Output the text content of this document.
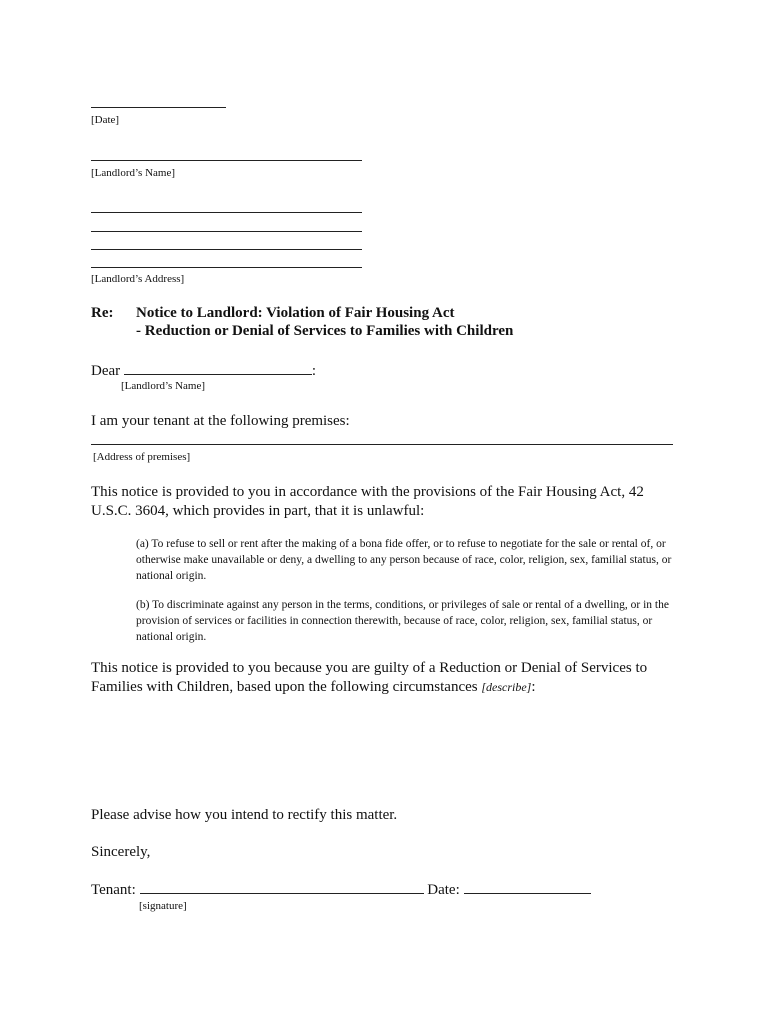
[Date]
[Landlord’s Name]
[Landlord’s Address]
Re: Notice to Landlord: Violation of Fair Housing Act
- Reduction or Denial of Services to Families with Children
Dear	:
[Landlord’s Name]
I am your tenant at the following premises:
[Address of premises]
This notice is provided to you in accordance with the provisions of the Fair Housing Act, 42 U.S.C. 3604, which provides in part, that it is unlawful:
(a) To refuse to sell or rent after the making of a bona fide offer, or to refuse to negotiate for the sale or rental of, or otherwise make unavailable or deny, a dwelling to any person because of race, color, religion, sex, familial status, or national origin.
(b) To discriminate against any person in the terms, conditions, or privileges of sale or rental of a dwelling, or in the provision of services or facilities in connection therewith, because of race, color, religion, sex, familial status, or national origin.
This notice is provided to you because you are guilty of a Reduction or Denial of Services to
Families with Children, based upon the following circumstances [describe]:
Please advise how you intend to rectify this matter.
Sincerely,
Tenant:	Date:
[signature]
